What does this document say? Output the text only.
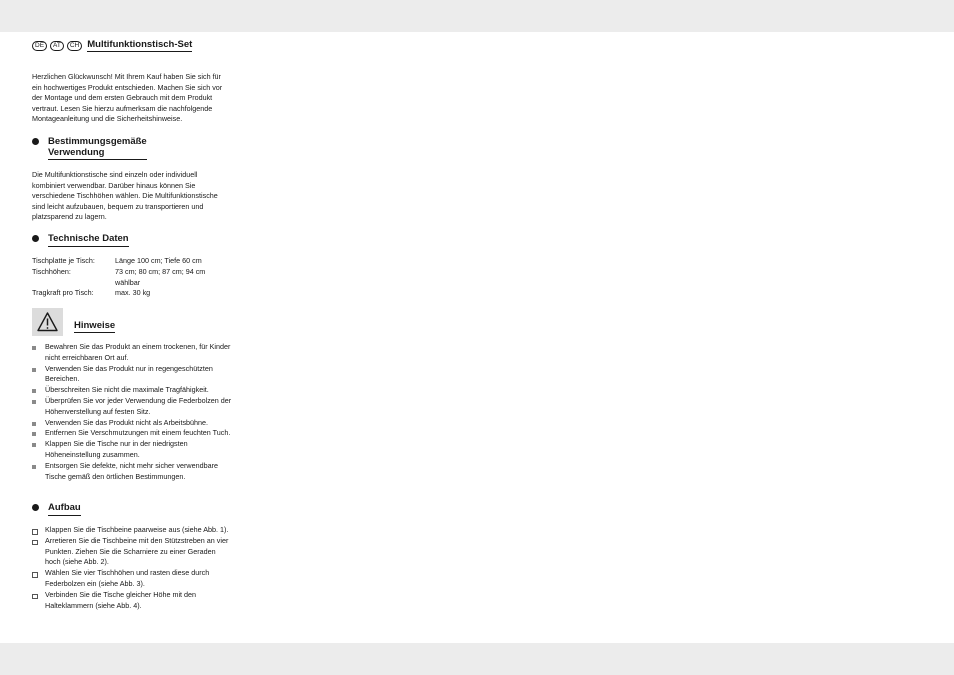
DE	AT	CH Multifunktionstisch-Set

Herzlichen Glückwunsch! Mit Ihrem Kauf haben Sie sich für ein hochwertiges Produkt entschieden. Machen Sie sich vor der Montage und dem ersten Gebrauch mit dem Produkt vertraut. Lesen Sie hierzu aufmerksam die nachfolgende Montageanleitung und die Sicherheitshinweise.

Bestimmungsgemäße
Verwendung

Die Multifunktionstische sind einzeln oder individuell kombiniert verwendbar. Darüber hinaus können Sie verschiedene Tischhöhen wählen. Die Multifunktionstische sind leicht aufzubauen, bequem zu transportieren und platzsparend zu lagern.

Technische Daten
Tischplatte je Tisch:	Länge 100 cm; Tiefe 60 cm
Tischhöhen:	73 cm; 80 cm; 87 cm; 94 cm wählbar
Tragkraft pro Tisch:	max. 30 kg
Hinweise
Bewahren Sie das Produkt an einem trockenen, für Kinder nicht erreichbaren Ort auf.
Verwenden Sie das Produkt nur in regengeschützten Bereichen.
Überschreiten Sie nicht die maximale Tragfähigkeit.
Überprüfen Sie vor jeder Verwendung die Federbolzen der Höhenverstellung auf festen Sitz.
Verwenden Sie das Produkt nicht als Arbeitsbühne.
Entfernen Sie Verschmutzungen mit einem feuchten Tuch.
Klappen Sie die Tische nur in der niedrigsten Höheneinstellung zusammen.
Entsorgen Sie defekte, nicht mehr sicher verwendbare Tische gemäß den örtlichen Bestimmungen.
Aufbau
Klappen Sie die Tischbeine paarweise aus (siehe Abb. 1).
Arretieren Sie die Tischbeine mit den Stützstreben an vier Punkten. Ziehen Sie die Scharniere zu einer Geraden hoch (siehe Abb. 2).
Wählen Sie vier Tischhöhen und rasten diese durch Federbolzen ein (siehe Abb. 3).
Verbinden Sie die Tische gleicher Höhe mit den Halteklammern (siehe Abb. 4).
